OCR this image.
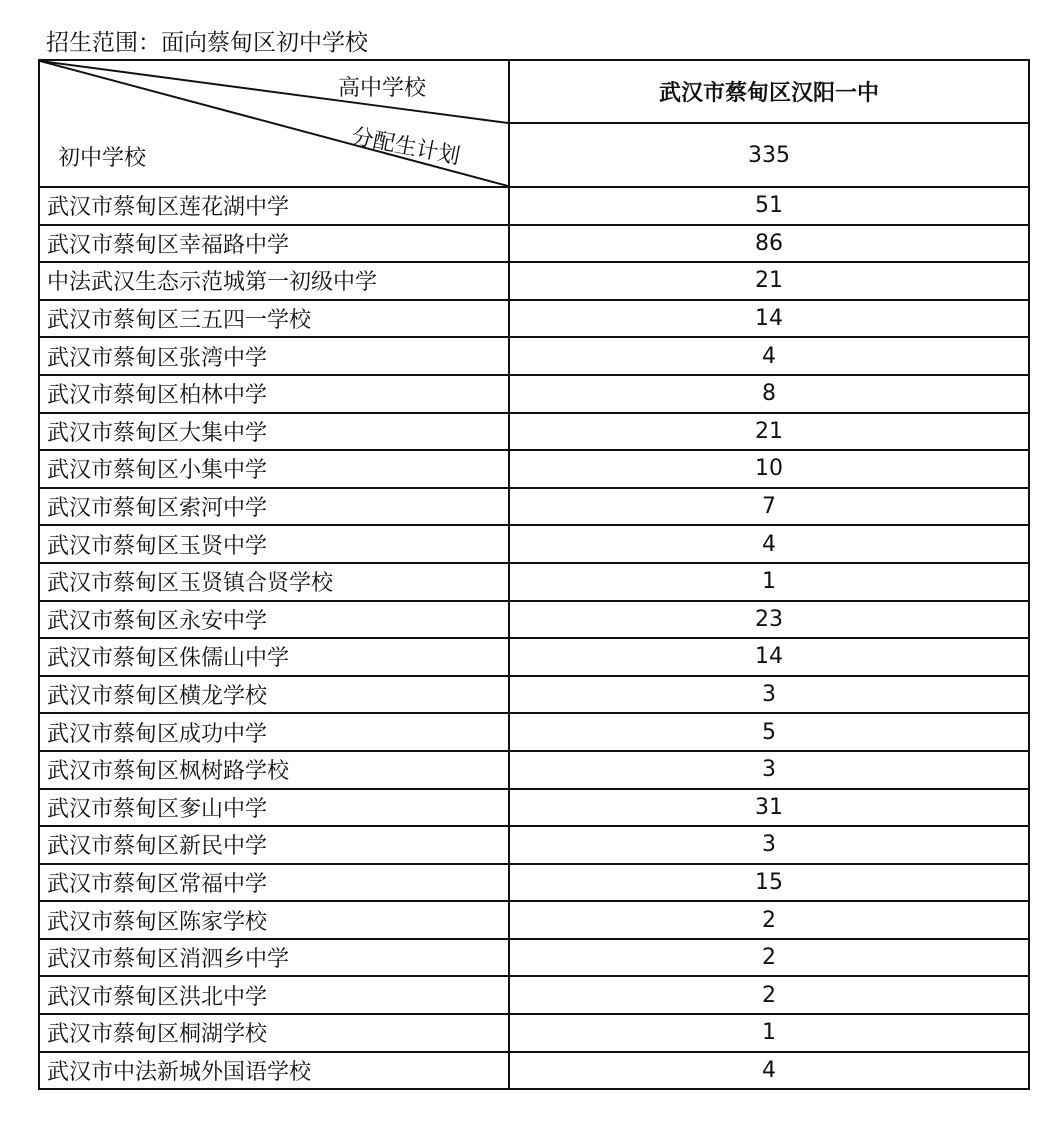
招生范围：面向蔡甸区初中学校
高中学校
分配生计划
初中学校	武汉市蔡甸区汉阳一中
	335
武汉市蔡甸区莲花湖中学	51
武汉市蔡甸区幸福路中学	86
中法武汉生态示范城第一初级中学	21
武汉市蔡甸区三五四一学校	14
武汉市蔡甸区张湾中学	4
武汉市蔡甸区柏林中学	8
武汉市蔡甸区大集中学	21
武汉市蔡甸区小集中学	10
武汉市蔡甸区索河中学	7
武汉市蔡甸区玉贤中学	4
武汉市蔡甸区玉贤镇合贤学校	1
武汉市蔡甸区永安中学	23
武汉市蔡甸区侏儒山中学	14
武汉市蔡甸区横龙学校	3
武汉市蔡甸区成功中学	5
武汉市蔡甸区枫树路学校	3
武汉市蔡甸区奓山中学	31
武汉市蔡甸区新民中学	3
武汉市蔡甸区常福中学	15
武汉市蔡甸区陈家学校	2
武汉市蔡甸区消泗乡中学	2
武汉市蔡甸区洪北中学	2
武汉市蔡甸区桐湖学校	1
武汉市中法新城外国语学校	4
